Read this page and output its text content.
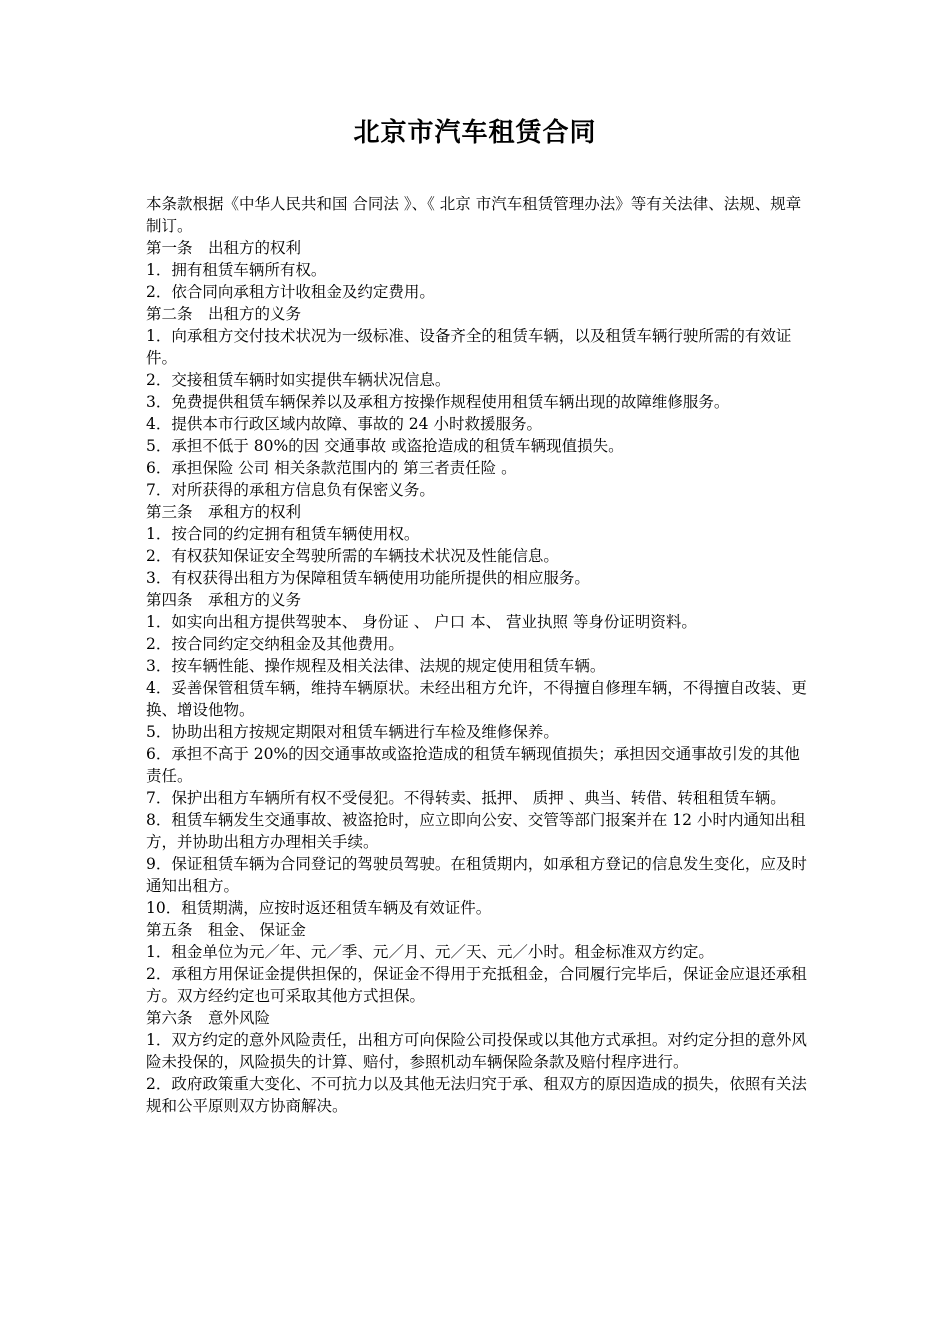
北京市汽车租赁合同

本条款根据《中华人民共和国 合同法 》、《 北京 市汽车租赁管理办法》等有关法律、法规、规章制订。

第一条　出租方的权利

1．拥有租赁车辆所有权。

2．依合同向承租方计收租金及约定费用。

第二条　出租方的义务

1．向承租方交付技术状况为一级标准、设备齐全的租赁车辆，以及租赁车辆行驶所需的有效证件。

2．交接租赁车辆时如实提供车辆状况信息。

3．免费提供租赁车辆保养以及承租方按操作规程使用租赁车辆出现的故障维修服务。

4．提供本市行政区域内故障、事故的 24 小时救援服务。

5．承担不低于 80%的因 交通事故 或盗抢造成的租赁车辆现值损失。

6．承担保险 公司 相关条款范围内的 第三者责任险 。

7．对所获得的承租方信息负有保密义务。

第三条　承租方的权利

1．按合同的约定拥有租赁车辆使用权。

2．有权获知保证安全驾驶所需的车辆技术状况及性能信息。

3．有权获得出租方为保障租赁车辆使用功能所提供的相应服务。

第四条　承租方的义务

1．如实向出租方提供驾驶本、 身份证 、 户口 本、 营业执照 等身份证明资料。

2．按合同约定交纳租金及其他费用。

3．按车辆性能、操作规程及相关法律、法规的规定使用租赁车辆。

4．妥善保管租赁车辆，维持车辆原状。未经出租方允许，不得擅自修理车辆，不得擅自改装、更换、增设他物。

5．协助出租方按规定期限对租赁车辆进行车检及维修保养。

6．承担不高于 20%的因交通事故或盗抢造成的租赁车辆现值损失；承担因交通事故引发的其他责任。

7．保护出租方车辆所有权不受侵犯。不得转卖、抵押、 质押 、典当、转借、转租租赁车辆。

8．租赁车辆发生交通事故、被盗抢时，应立即向公安、交管等部门报案并在 12 小时内通知出租方，并协助出租方办理相关手续。

9．保证租赁车辆为合同登记的驾驶员驾驶。在租赁期内，如承租方登记的信息发生变化，应及时通知出租方。

10．租赁期满，应按时返还租赁车辆及有效证件。

第五条　租金、 保证金

1．租金单位为元／年、元／季、元／月、元／天、元／小时。租金标准双方约定。

2．承租方用保证金提供担保的，保证金不得用于充抵租金，合同履行完毕后，保证金应退还承租方。双方经约定也可采取其他方式担保。

第六条　意外风险

1．双方约定的意外风险责任，出租方可向保险公司投保或以其他方式承担。对约定分担的意外风险未投保的，风险损失的计算、赔付，参照机动车辆保险条款及赔付程序进行。

2．政府政策重大变化、不可抗力以及其他无法归究于承、租双方的原因造成的损失，依照有关法规和公平原则双方协商解决。
